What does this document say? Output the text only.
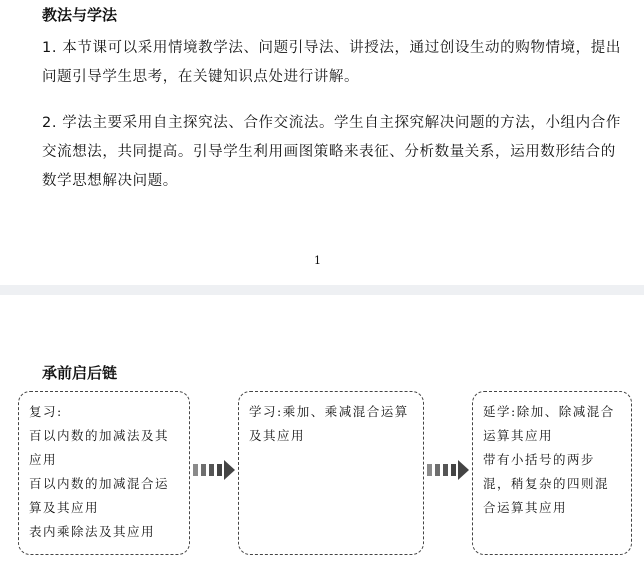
教法与学法
1. 本节课可以采用情境教学法、问题引导法、讲授法，通过创设生动的购物情境，提出问题引导学生思考，在关键知识点处进行讲解。
2. 学法主要采用自主探究法、合作交流法。学生自主探究解决问题的方法，小组内合作交流想法，共同提高。引导学生利用画图策略来表征、分析数量关系，运用数形结合的数学思想解决问题。
1
承前启后链
复习:
百以内数的加减法及其应用
百以内数的加减混合运算及其应用
表内乘除法及其应用
学习:乘加、乘减混合运算及其应用
延学:除加、除减混合运算其应用
带有小括号的两步混，稍复杂的四则混合运算其应用
